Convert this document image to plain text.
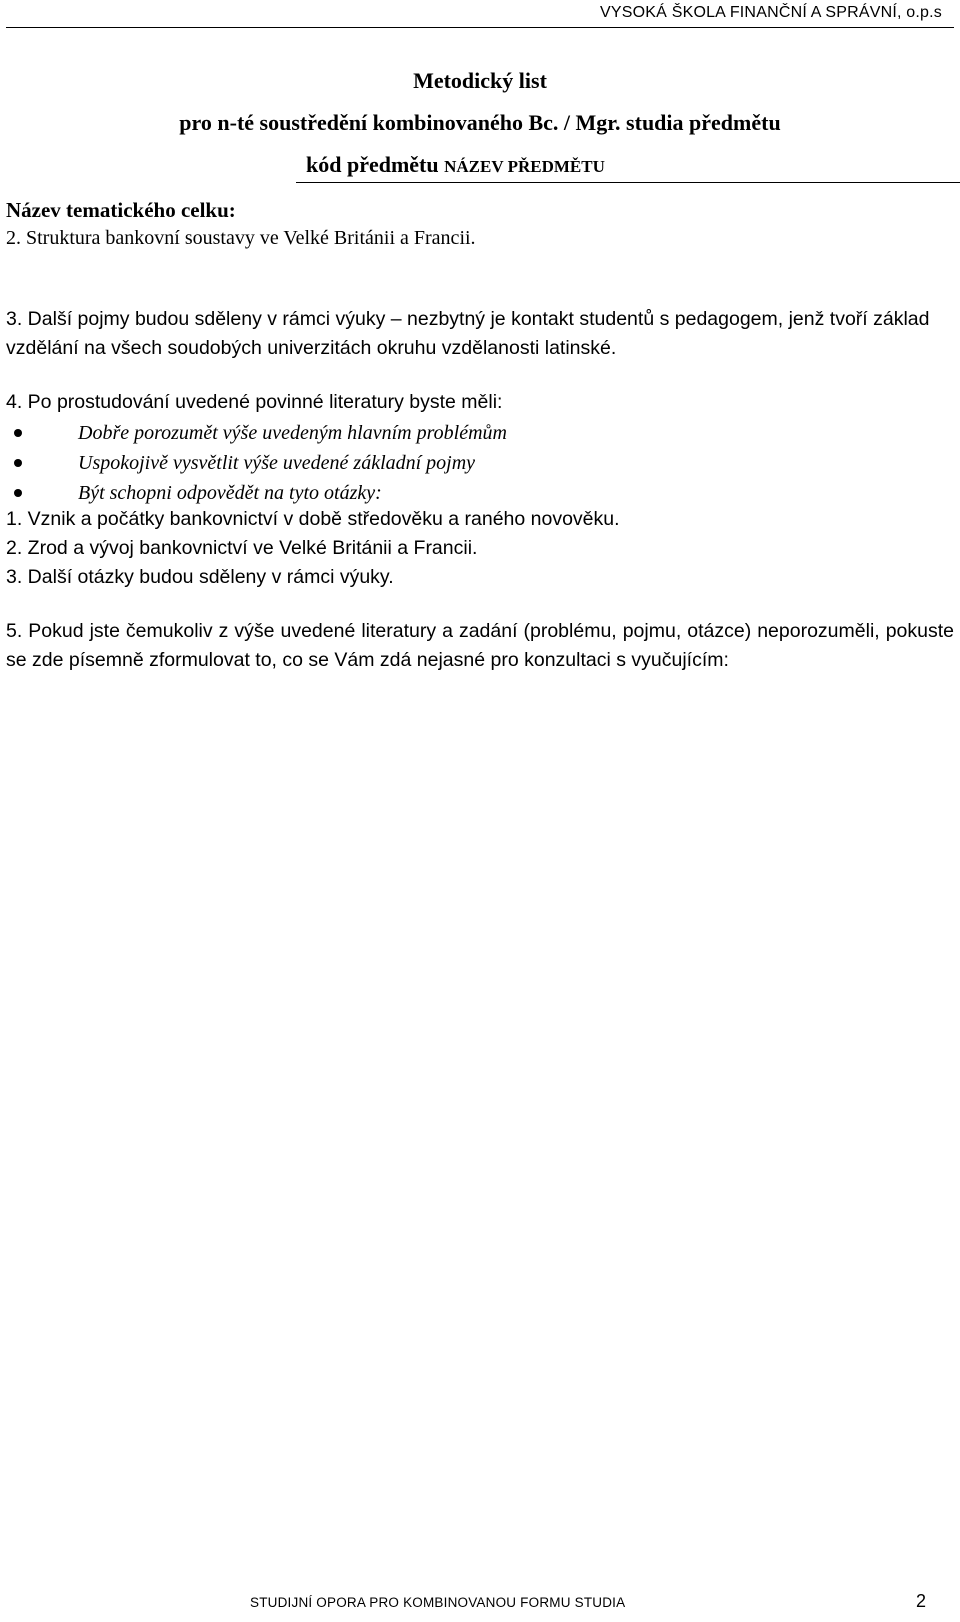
VYSOKÁ ŠKOLA FINANČNÍ A SPRÁVNÍ, o.p.s
Metodický list
pro n-té soustředění kombinovaného Bc. / Mgr. studia předmětu
kód předmětu NÁZEV PŘEDMĚTU
Název tematického celku:
2. Struktura bankovní soustavy ve Velké Británii a Francii.
3. Další pojmy budou sděleny v rámci výuky – nezbytný je kontakt studentů s pedagogem, jenž tvoří základ vzdělání na všech soudobých univerzitách okruhu vzdělanosti latinské.
4. Po prostudování uvedené povinné literatury byste měli:
Dobře porozumět výše uvedeným hlavním problémům
Uspokojivě vysvětlit výše uvedené základní pojmy
Být schopni odpovědět na tyto otázky:
1. Vznik a počátky bankovnictví v době středověku a raného novověku.
2. Zrod a vývoj bankovnictví ve Velké Británii a Francii.
3. Další otázky budou sděleny v rámci výuky.
5. Pokud jste čemukoliv z výše uvedené literatury a zadání (problému, pojmu, otázce) neporozuměli, pokuste se zde písemně zformulovat to, co se Vám zdá nejasné pro konzultaci s vyučujícím:
STUDIJNÍ OPORA PRO KOMBINOVANOU FORMU STUDIA	2
